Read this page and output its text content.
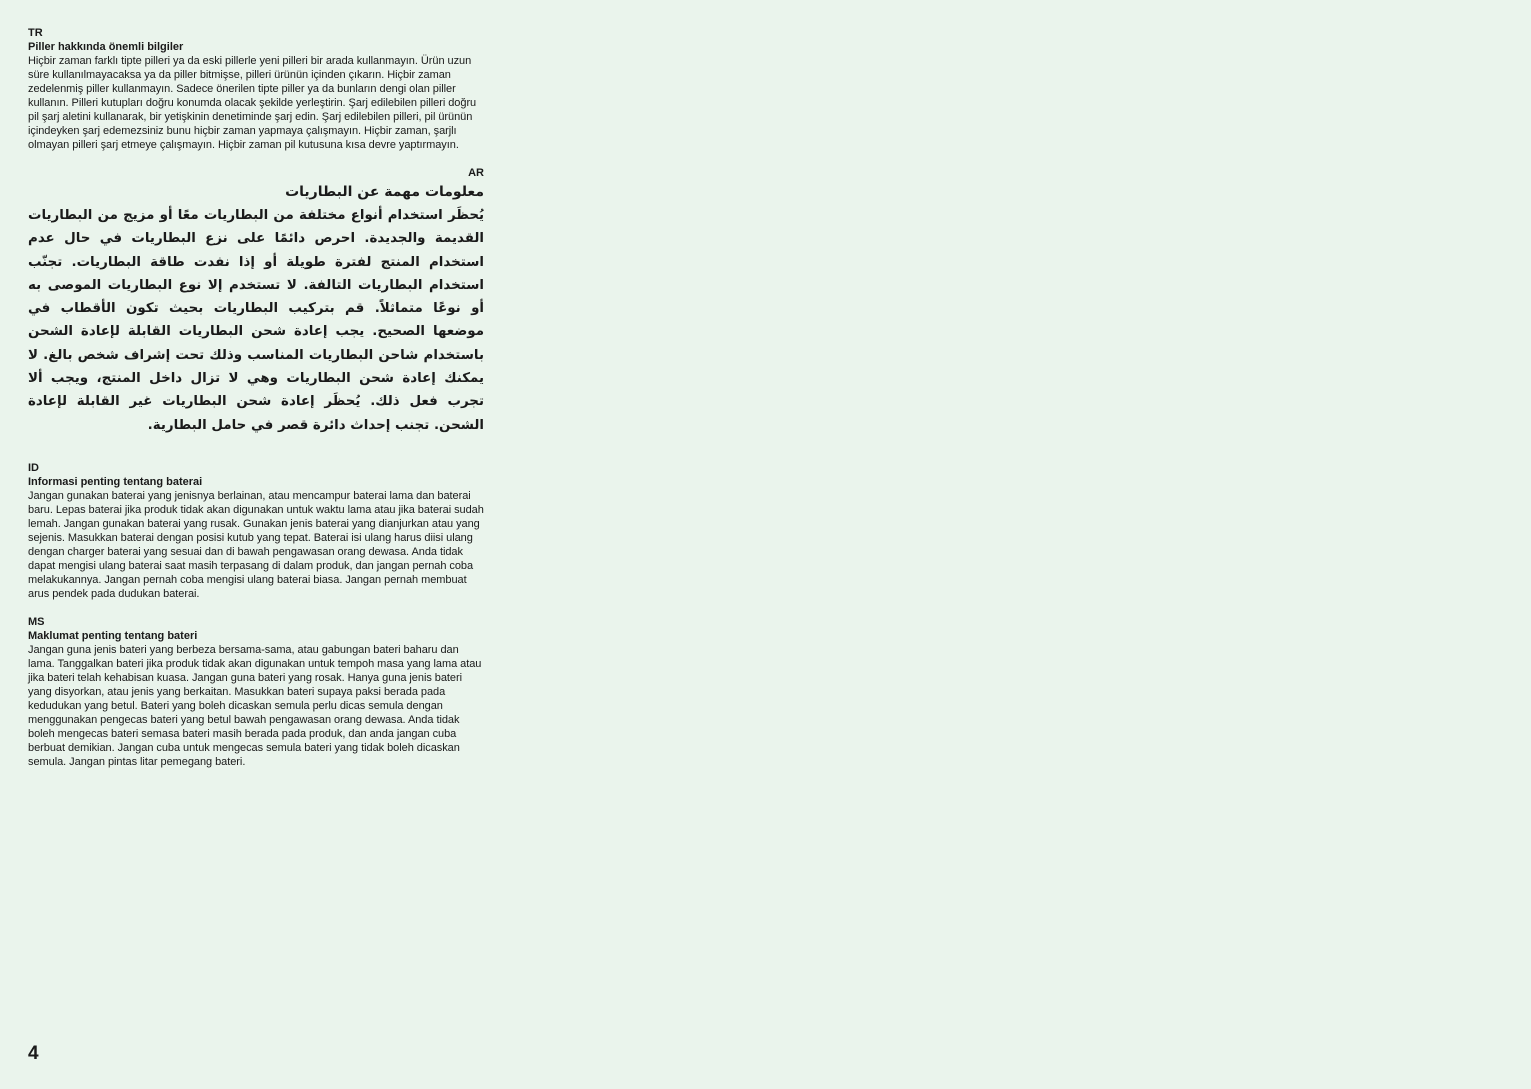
TR
Piller hakkında önemli bilgiler
Hiçbir zaman farklı tipte pilleri ya da eski pillerle yeni pilleri bir arada kullanmayın. Ürün uzun süre kullanılmayacaksa ya da piller bitmişse, pilleri ürünün içinden çıkarın. Hiçbir zaman zedelenmiş piller kullanmayın. Sadece önerilen tipte piller ya da bunların dengi olan piller kullanın. Pilleri kutupları doğru konumda olacak şekilde yerleştirin. Şarj edilebilen pilleri doğru pil şarj aletini kullanarak, bir yetişkinin denetiminde şarj edin. Şarj edilebilen pilleri, pil ürünün içindeyken şarj edemezsiniz bunu hiçbir zaman yapmaya çalışmayın. Hiçbir zaman, şarjlı olmayan pilleri şarj etmeye çalışmayın. Hiçbir zaman pil kutusuna kısa devre yaptırmayın.
AR
معلومات مهمة عن البطاريات
يُحظَر استخدام أنواع مختلفة من البطاريات معًا أو مزيج من البطاريات القديمة والجديدة. احرص دائمًا على نزع البطاريات في حال عدم استخدام المنتج لفترة طويلة أو إذا نفدت طاقة البطاريات. تجنّب استخدام البطاريات التالفة. لا تستخدم إلا نوع البطاريات الموصى به أو نوعًا متماثلاً. قم بتركيب البطاريات بحيث تكون الأقطاب في موضعها الصحيح. يجب إعادة شحن البطاريات القابلة لإعادة الشحن باستخدام شاحن البطاريات المناسب وذلك تحت إشراف شخص بالغ. لا يمكنك إعادة شحن البطاريات وهي لا تزال داخل المنتج، ويجب ألا تجرب فعل ذلك. يُحظَر إعادة شحن البطاريات غير القابلة لإعادة الشحن. تجنب إحداث دائرة قصر في حامل البطارية.
ID
Informasi penting tentang baterai
Jangan gunakan baterai yang jenisnya berlainan, atau mencampur baterai lama dan baterai baru. Lepas baterai jika produk tidak akan digunakan untuk waktu lama atau jika baterai sudah lemah. Jangan gunakan baterai yang rusak. Gunakan jenis baterai yang dianjurkan atau yang sejenis. Masukkan baterai dengan posisi kutub yang tepat. Baterai isi ulang harus diisi ulang dengan charger baterai yang sesuai dan di bawah pengawasan orang dewasa. Anda tidak dapat mengisi ulang baterai saat masih terpasang di dalam produk, dan jangan pernah coba melakukannya. Jangan pernah coba mengisi ulang baterai biasa. Jangan pernah membuat arus pendek pada dudukan baterai.
MS
Maklumat penting tentang bateri
Jangan guna jenis bateri yang berbeza bersama-sama, atau gabungan bateri baharu dan lama. Tanggalkan bateri jika produk tidak akan digunakan untuk tempoh masa yang lama atau jika bateri telah kehabisan kuasa. Jangan guna bateri yang rosak. Hanya guna jenis bateri yang disyorkan, atau jenis yang berkaitan. Masukkan bateri supaya paksi berada pada kedudukan yang betul. Bateri yang boleh dicaskan semula perlu dicas semula dengan menggunakan pengecas bateri yang betul bawah pengawasan orang dewasa. Anda tidak boleh mengecas bateri semasa bateri masih berada pada produk, dan anda jangan cuba berbuat demikian. Jangan cuba untuk mengecas semula bateri yang tidak boleh dicaskan semula. Jangan pintas litar pemegang bateri.
4
